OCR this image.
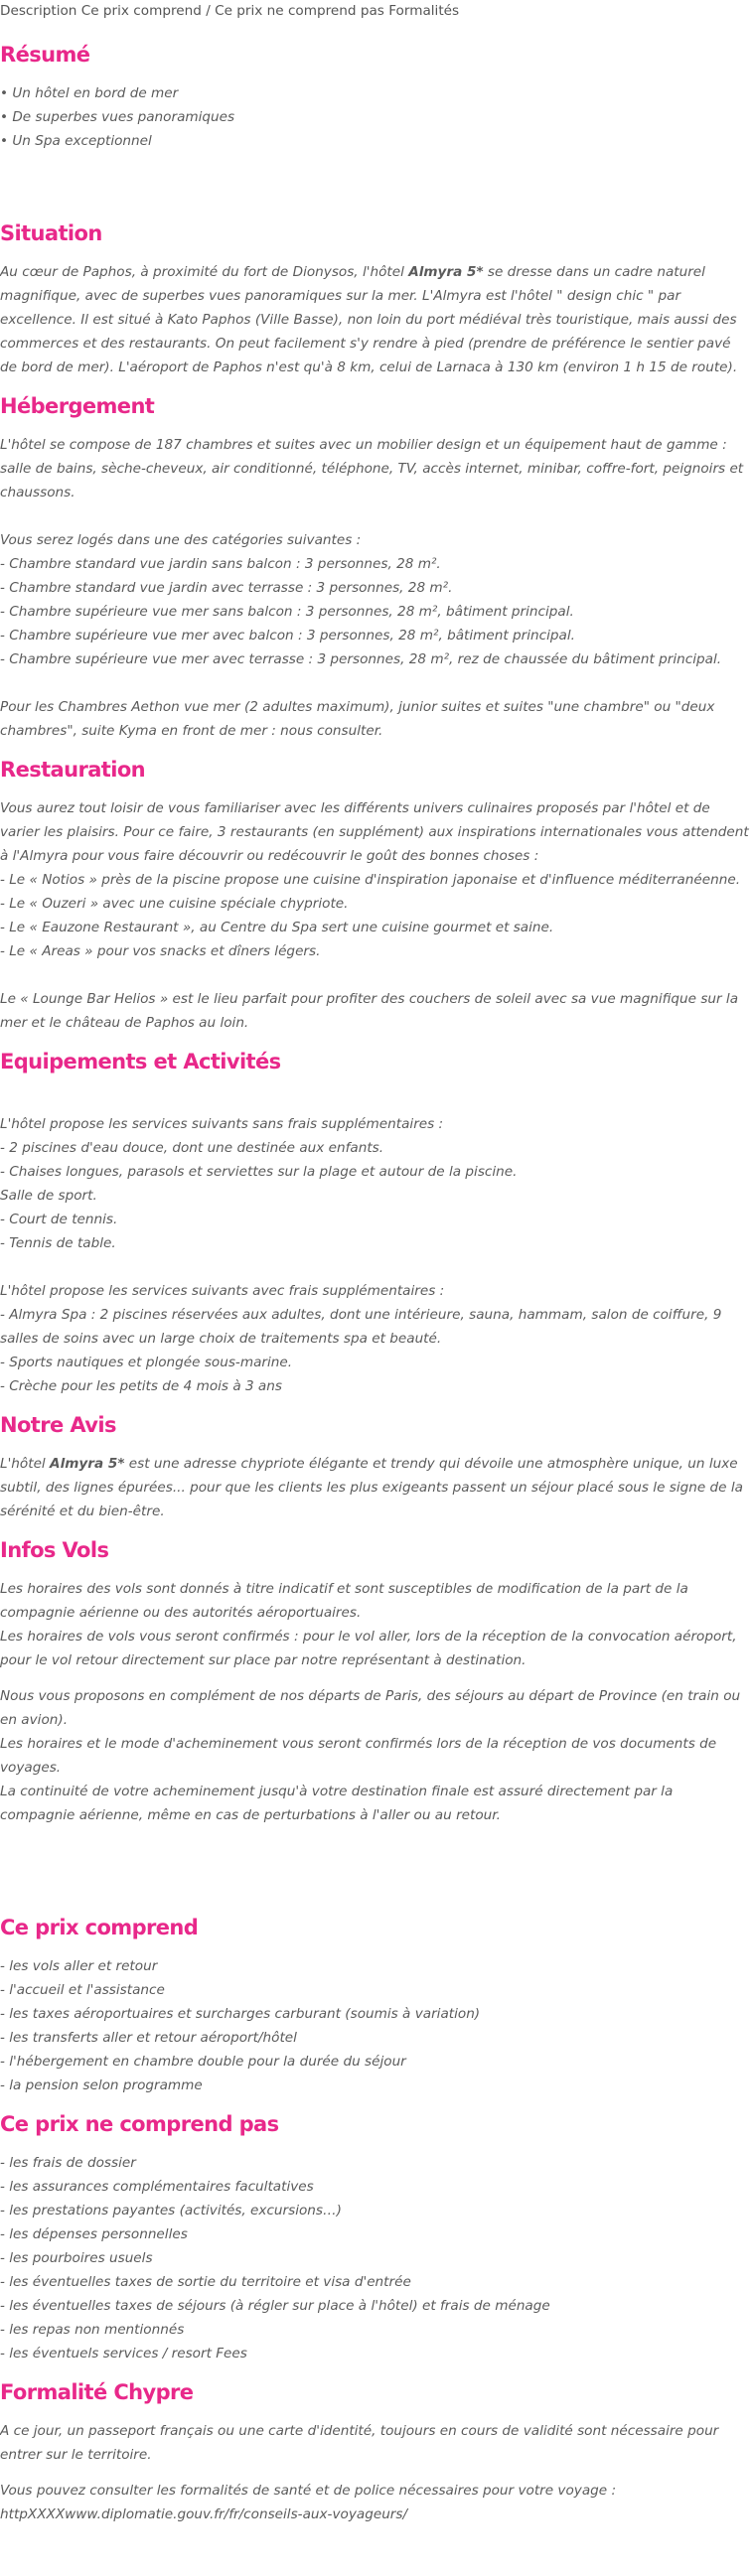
Description Ce prix comprend / Ce prix ne comprend pas Formalités
Résumé
• Un hôtel en bord de mer
• De superbes vues panoramiques
• Un Spa exceptionnel
Situation

Au cœur de Paphos, à proximité du fort de Dionysos, l'hôtel Almyra 5* se dresse dans un cadre naturel magnifique, avec de superbes vues panoramiques sur la mer. L'Almyra est l'hôtel " design chic " par excellence. Il est situé à Kato Paphos (Ville Basse), non loin du port médiéval très touristique, mais aussi des commerces et des restaurants. On peut facilement s'y rendre à pied (prendre de préférence le sentier pavé de bord de mer). L'aéroport de Paphos n'est qu'à 8 km, celui de Larnaca à 130 km (environ 1 h 15 de route).

Hébergement

L'hôtel se compose de 187 chambres et suites avec un mobilier design et un équipement haut de gamme : salle de bains, sèche-cheveux, air conditionné, téléphone, TV, accès internet, minibar, coffre-fort, peignoirs et chaussons.

Vous serez logés dans une des catégories suivantes :
- Chambre standard vue jardin sans balcon : 3 personnes, 28 m².
- Chambre standard vue jardin avec terrasse : 3 personnes, 28 m².
- Chambre supérieure vue mer sans balcon : 3 personnes, 28 m², bâtiment principal.
- Chambre supérieure vue mer avec balcon : 3 personnes, 28 m², bâtiment principal.
- Chambre supérieure vue mer avec terrasse : 3 personnes, 28 m², rez de chaussée du bâtiment principal.

Pour les Chambres Aethon vue mer (2 adultes maximum), junior suites et suites "une chambre" ou "deux chambres", suite Kyma en front de mer : nous consulter.

Restauration

Vous aurez tout loisir de vous familiariser avec les différents univers culinaires proposés par l'hôtel et de varier les plaisirs. Pour ce faire, 3 restaurants (en supplément) aux inspirations internationales vous attendent à l'Almyra pour vous faire découvrir ou redécouvrir le goût des bonnes choses :

- Le « Notios » près de la piscine propose une cuisine d'inspiration japonaise et d'influence méditerranéenne.
- Le « Ouzeri » avec une cuisine spéciale chypriote.
- Le « Eauzone Restaurant », au Centre du Spa sert une cuisine gourmet et saine.
- Le « Areas » pour vos snacks et dîners légers.

Le « Lounge Bar Helios » est le lieu parfait pour profiter des couchers de soleil avec sa vue magnifique sur la mer et le château de Paphos au loin.

Equipements et Activités
L'hôtel propose les services suivants sans frais supplémentaires :
- 2 piscines d'eau douce, dont une destinée aux enfants.
- Chaises longues, parasols et serviettes sur la plage et autour de la piscine.
Salle de sport.
- Court de tennis.
- Tennis de table.
L'hôtel propose les services suivants avec frais supplémentaires :
- Almyra Spa : 2 piscines réservées aux adultes, dont une intérieure, sauna, hammam, salon de coiffure, 9 salles de soins avec un large choix de traitements spa et beauté.
- Sports nautiques et plongée sous-marine.
- Crèche pour les petits de 4 mois à 3 ans
Notre Avis

L'hôtel Almyra 5* est une adresse chypriote élégante et trendy qui dévoile une atmosphère unique, un luxe subtil, des lignes épurées... pour que les clients les plus exigeants passent un séjour placé sous le signe de la sérénité et du bien-être.

Infos Vols

Les horaires des vols sont donnés à titre indicatif et sont susceptibles de modification de la part de la compagnie aérienne ou des autorités aéroportuaires.

Les horaires de vols vous seront confirmés : pour le vol aller, lors de la réception de la convocation aéroport, pour le vol retour directement sur place par notre représentant à destination.

Nous vous proposons en complément de nos départs de Paris, des séjours au départ de Province (en train ou en avion).

Les horaires et le mode d'acheminement vous seront confirmés lors de la réception de vos documents de voyages.

La continuité de votre acheminement jusqu'à votre destination finale est assuré directement par la compagnie aérienne, même en cas de perturbations à l'aller ou au retour.

Ce prix comprend
- les vols aller et retour
- l'accueil et l'assistance
- les taxes aéroportuaires et surcharges carburant (soumis à variation)
- les transferts aller et retour aéroport/hôtel
- l'hébergement en chambre double pour la durée du séjour
- la pension selon programme
Ce prix ne comprend pas
- les frais de dossier
- les assurances complémentaires facultatives
- les prestations payantes (activités, excursions…)
- les dépenses personnelles
- les pourboires usuels
- les éventuelles taxes de sortie du territoire et visa d'entrée
- les éventuelles taxes de séjours (à régler sur place à l'hôtel) et frais de ménage
- les repas non mentionnés
- les éventuels services / resort Fees
Formalité Chypre

A ce jour, un passeport français ou une carte d'identité, toujours en cours de validité sont nécessaire pour entrer sur le territoire.

Vous pouvez consulter les formalités de santé et de police nécessaires pour votre voyage :

httpXXXXwww.diplomatie.gouv.fr/fr/conseils-aux-voyageurs/
